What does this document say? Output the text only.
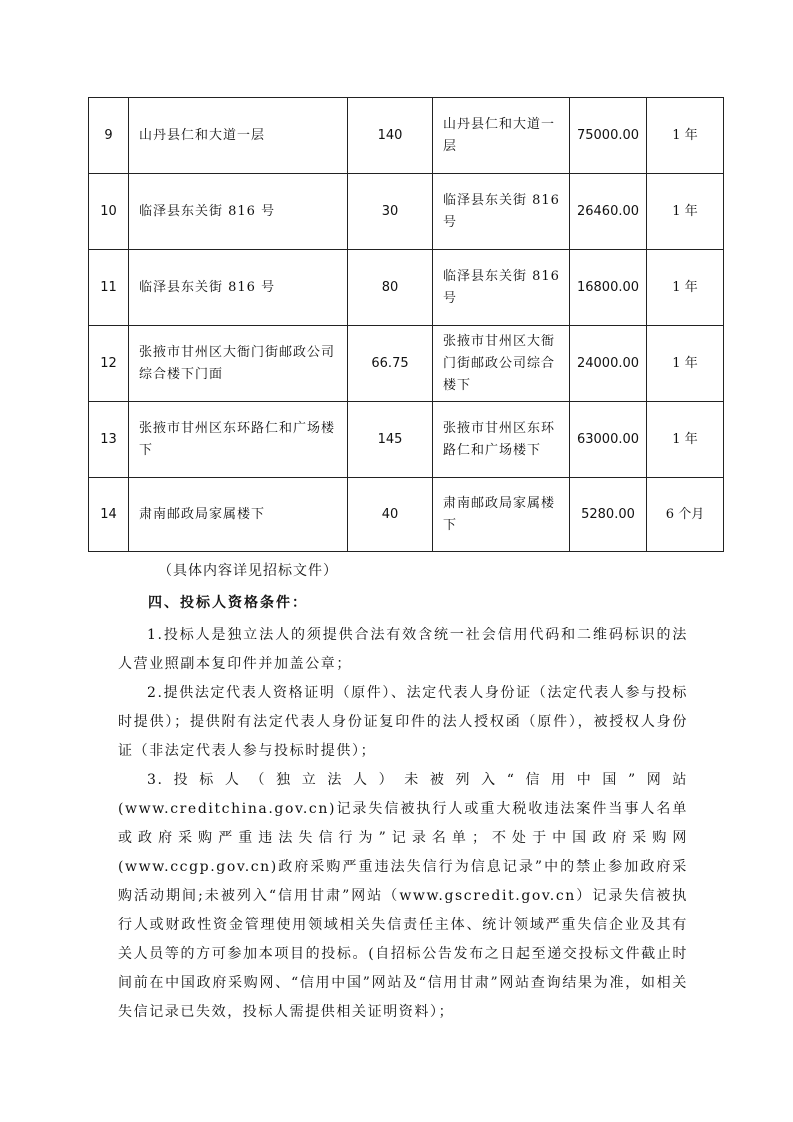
9	山丹县仁和大道一层	140	山丹县仁和大道一层	75000.00	1 年
10	临泽县东关街 816 号	30	临泽县东关街 816 号	26460.00	1 年
11	临泽县东关街 816 号	80	临泽县东关街 816 号	16800.00	1 年
12	张掖市甘州区大衙门街邮政公司综合楼下门面	66.75	张掖市甘州区大衙门街邮政公司综合楼下	24000.00	1 年
13	张掖市甘州区东环路仁和广场楼下	145	张掖市甘州区东环路仁和广场楼下	63000.00	1 年
14	肃南邮政局家属楼下	40	肃南邮政局家属楼下	5280.00	6 个月
（具体内容详见招标文件）
四、投标人资格条件：
1.投标人是独立法人的须提供合法有效含统一社会信用代码和二维码标识的法人营业照副本复印件并加盖公章；
2.提供法定代表人资格证明（原件）、法定代表人身份证（法定代表人参与投标时提供）；提供附有法定代表人身份证复印件的法人授权函（原件），被授权人身份证（非法定代表人参与投标时提供）；
3.投标人（独立法人）未被列入“信用中国”网站(www.creditchina.gov.cn)记录失信被执行人或重大税收违法案件当事人名单或政府采购严重违法失信行为”记录名单；不处于中国政府采购网(www.ccgp.gov.cn)政府采购严重违法失信行为信息记录”中的禁止参加政府采购活动期间;未被列入“信用甘肃”网站（www.gscredit.gov.cn）记录失信被执行人或财政性资金管理使用领域相关失信责任主体、统计领域严重失信企业及其有关人员等的方可参加本项目的投标。(自招标公告发布之日起至递交投标文件截止时间前在中国政府采购网、“信用中国”网站及“信用甘肃”网站查询结果为准，如相关失信记录已失效，投标人需提供相关证明资料）；
